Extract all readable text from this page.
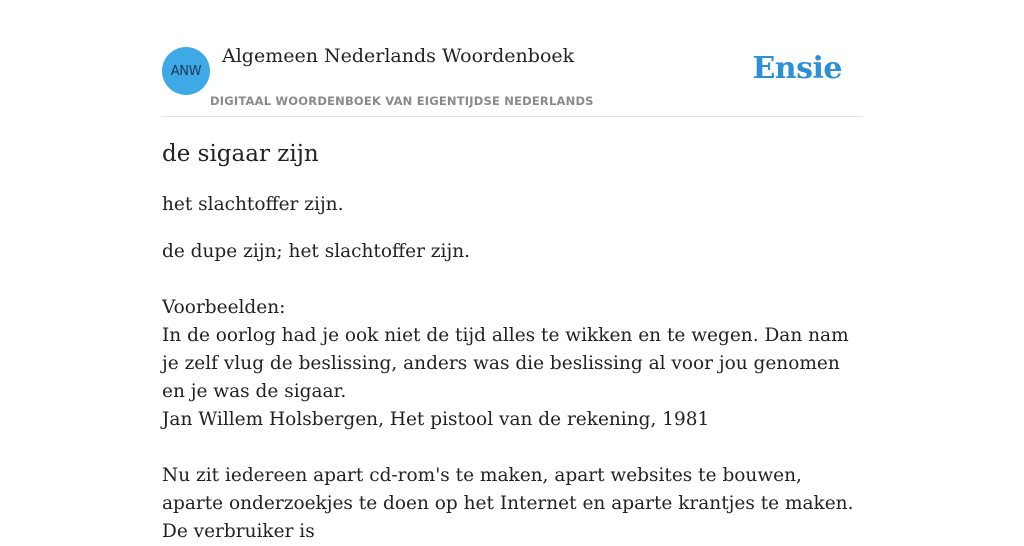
ANW
Algemeen Nederlands Woordenboek
DIGITAAL WOORDENBOEK VAN EIGENTIJDSE NEDERLANDS
Ensie
de sigaar zijn

het slachtoffer zijn.

de dupe zijn; het slachtoffer zijn.

Voorbeelden:

In de oorlog had je ook niet de tijd alles te wikken en te wegen. Dan nam je zelf vlug de beslissing, anders was die beslissing al voor jou genomen en je was de sigaar.

Jan Willem Holsbergen, Het pistool van de rekening, 1981

Nu zit iedereen apart cd-rom's te maken, apart websites te bouwen, aparte onderzoekjes te doen op het Internet en aparte krantjes te maken. De verbruiker is
